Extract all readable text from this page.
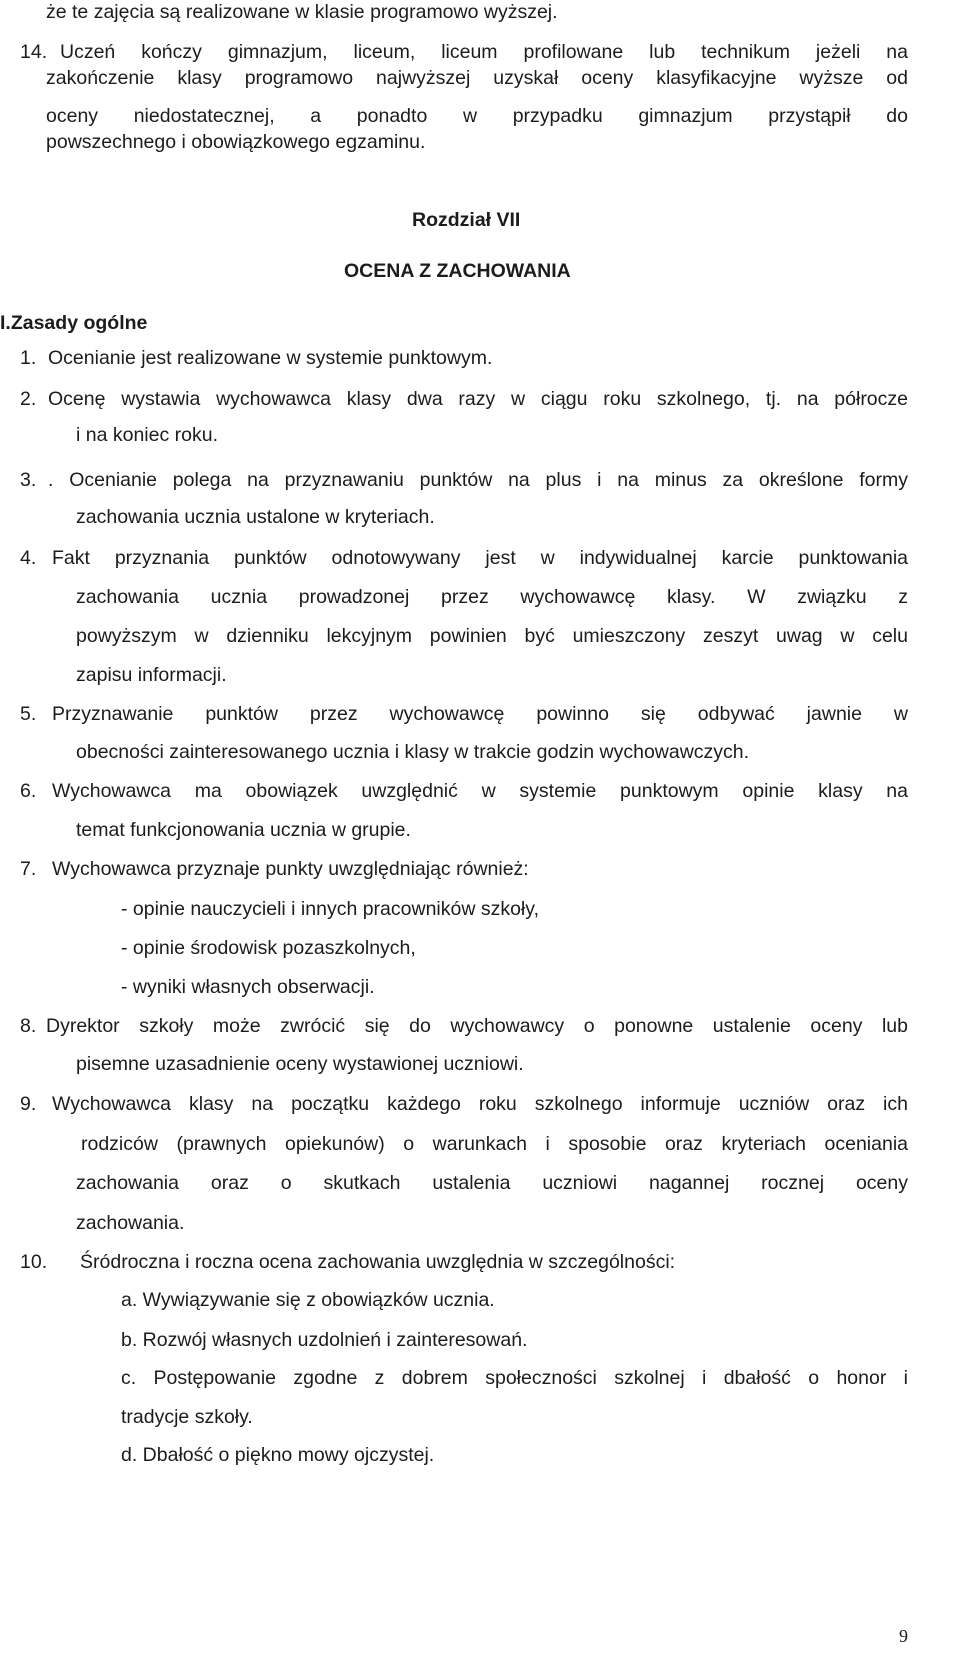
że te zajęcia są realizowane w klasie programowo wyższej.
14. Uczeń kończy gimnazjum, liceum, liceum profilowane lub technikum jeżeli na
zakończenie klasy programowo najwyższej uzyskał oceny klasyfikacyjne wyższe od
oceny niedostatecznej, a ponadto w przypadku gimnazjum przystąpił do
powszechnego i obowiązkowego egzaminu.
Rozdział VII
OCENA Z ZACHOWANIA
I.Zasady ogólne
1. Ocenianie jest realizowane w systemie punktowym.
2. Ocenę wystawia wychowawca klasy dwa razy w ciągu roku szkolnego, tj. na półrocze
i na koniec roku.
3. . Ocenianie polega na przyznawaniu punktów na plus i na minus za określone formy
zachowania ucznia ustalone w kryteriach.
4. Fakt przyznania punktów odnotowywany jest w indywidualnej karcie punktowania
zachowania ucznia prowadzonej przez wychowawcę klasy. W związku z
powyższym w dzienniku lekcyjnym powinien być umieszczony zeszyt uwag w celu
zapisu informacji.
5. Przyznawanie punktów przez wychowawcę powinno się odbywać jawnie w
obecności zainteresowanego ucznia i klasy w trakcie godzin wychowawczych.
6. Wychowawca ma obowiązek uwzględnić w systemie punktowym opinie klasy na
temat funkcjonowania ucznia w grupie.
7. Wychowawca przyznaje punkty uwzględniając również:
- opinie nauczycieli i innych pracowników szkoły,
- opinie środowisk pozaszkolnych,
- wyniki własnych obserwacji.
8. Dyrektor szkoły może zwrócić się do wychowawcy o ponowne ustalenie oceny lub
pisemne uzasadnienie oceny wystawionej uczniowi.
9. Wychowawca klasy na początku każdego roku szkolnego informuje uczniów oraz ich
rodziców (prawnych opiekunów) o warunkach i sposobie oraz kryteriach oceniania
zachowania oraz o skutkach ustalenia uczniowi nagannej rocznej oceny
zachowania.
10. Śródroczna i roczna ocena zachowania uwzględnia w szczególności:
a. Wywiązywanie się z obowiązków ucznia.
b. Rozwój własnych uzdolnień i zainteresowań.
c. Postępowanie zgodne z dobrem społeczności szkolnej i dbałość o honor i
tradycje szkoły.
d. Dbałość o piękno mowy ojczystej.
9
